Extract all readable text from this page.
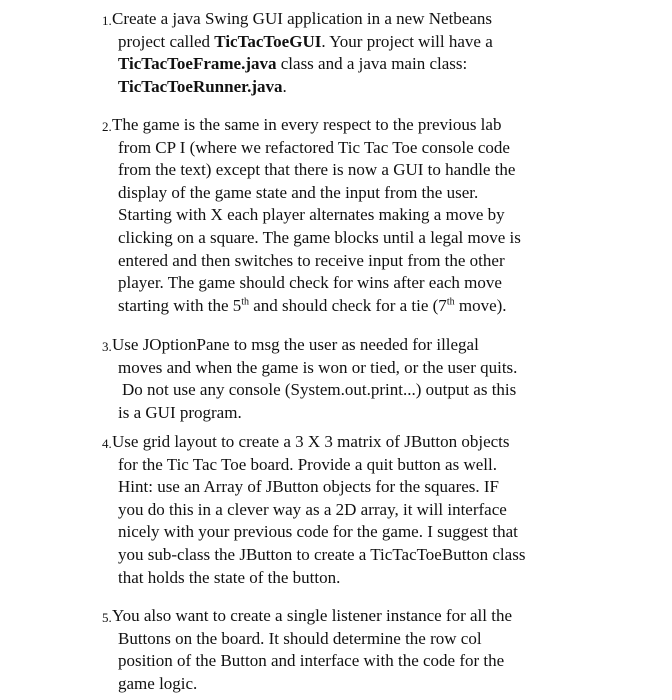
1. Create a java Swing GUI application in a new Netbeans
project called TicTacToeGUI. Your project will have a
TicTacToeFrame.java class and a java main class:
TicTacToeRunner.java.
2. The game is the same in every respect to the previous lab
from CP I (where we refactored Tic Tac Toe console code
from the text) except that there is now a GUI to handle the
display of the game state and the input from the user.
Starting with X each player alternates making a move by
clicking on a square. The game blocks until a legal move is
entered and then switches to receive input from the other
player. The game should check for wins after each move
starting with the 5th and should check for a tie (7th move).
3. Use JOptionPane to msg the user as needed for illegal
moves and when the game is won or tied, or the user quits.
Do not use any console (System.out.print...) output as this
is a GUI program.
4. Use grid layout to create a 3 X 3 matrix of JButton objects
for the Tic Tac Toe board. Provide a quit button as well.
Hint: use an Array of JButton objects for the squares. IF
you do this in a clever way as a 2D array, it will interface
nicely with your previous code for the game. I suggest that
you sub-class the JButton to create a TicTacToeButton class
that holds the state of the button.
5. You also want to create a single listener instance for all the
Buttons on the board. It should determine the row col
position of the Button and interface with the code for the
game logic.
